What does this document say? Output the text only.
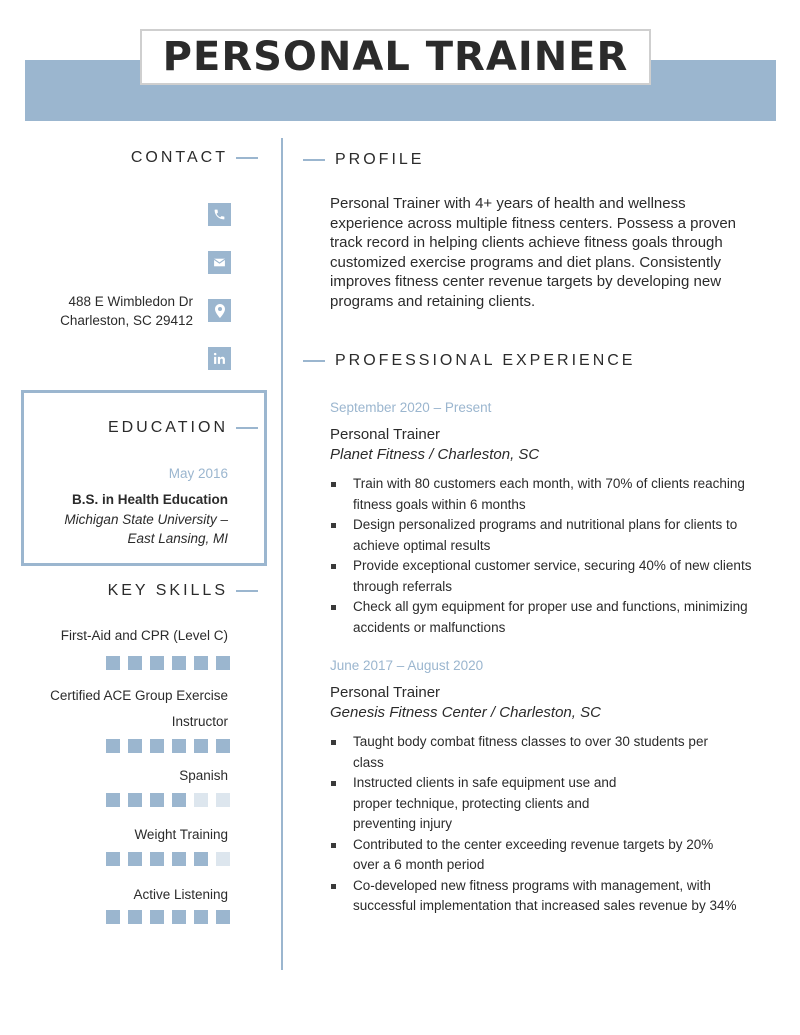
PERSONAL TRAINER
CONTACT
488 E Wimbledon Dr
Charleston, SC 29412
EDUCATION
May 2016
B.S. in Health Education
Michigan State University –
East Lansing, MI
KEY SKILLS
First-Aid and CPR (Level C)
Certified ACE Group Exercise
Instructor
Spanish
Weight Training
Active Listening
PROFILE
Personal Trainer with 4+ years of health and wellness experience across multiple fitness centers. Possess a proven track record in helping clients achieve fitness goals through customized exercise programs and diet plans. Consistently improves fitness center revenue targets by developing new programs and retaining clients.
PROFESSIONAL EXPERIENCE
September 2020 – Present
Personal Trainer
Planet Fitness / Charleston, SC
Train with 80 customers each month, with 70% of clients reaching fitness goals within 6 months
Design personalized programs and nutritional plans for clients to achieve optimal results
Provide exceptional customer service, securing 40% of new clients through referrals
Check all gym equipment for proper use and functions, minimizing accidents or malfunctions
June 2017 – August 2020
Personal Trainer
Genesis Fitness Center / Charleston, SC
Taught body combat fitness classes to over 30 students per class
Instructed clients in safe equipment use and proper technique, protecting clients and preventing injury
Contributed to the center exceeding revenue targets by 20% over a 6 month period
Co-developed new fitness programs with management, with successful implementation that increased sales revenue by 34%
